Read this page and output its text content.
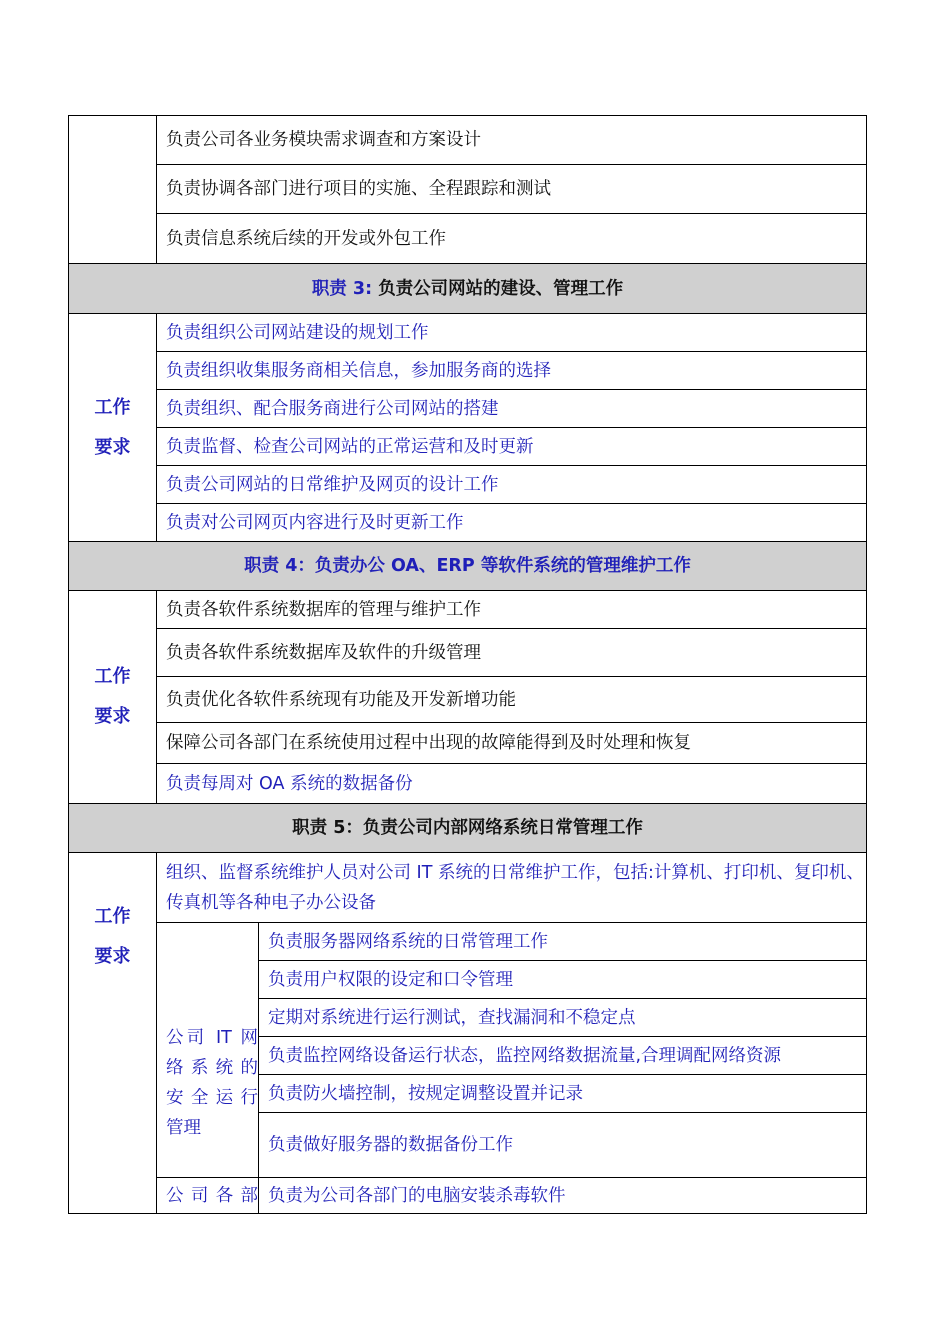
	负责公司各业务模块需求调查和方案设计	
	负责协调各部门进行项目的实施、全程跟踪和测试	
	负责信息系统后续的开发或外包工作	
职责 3: 负责公司网站的建设、管理工作		

工作
要求	负责组织公司网站建设的规划工作	
	负责组织收集服务商相关信息，参加服务商的选择	
	负责组织、配合服务商进行公司网站的搭建	
	负责监督、检查公司网站的正常运营和及时更新	
	负责公司网站的日常维护及网页的设计工作	
	负责对公司网页内容进行及时更新工作	
职责 4：负责办公 OA、ERP 等软件系统的管理维护工作		

工作
要求	负责各软件系统数据库的管理与维护工作	
	负责各软件系统数据库及软件的升级管理	
	负责优化各软件系统现有功能及开发新增功能	
	保障公司各部门在系统使用过程中出现的故障能得到及时处理和恢复	
	负责每周对 OA 系统的数据备份	
职责 5：负责公司内部网络系统日常管理工作		

工作
要求	组织、监督系统维护人员对公司 IT 系统的日常维护工作，包括:计算机、打印机、复印机、传真机等各种电子办公设备	

	公司 IT 网
络系统的
安全运行
管理	负责服务器网络系统的日常管理工作
		负责用户权限的设定和口令管理
		定期对系统进行运行测试，查找漏洞和不稳定点
		负责监控网络设备运行状态，监控网络数据流量,合理调配网络资源
		负责防火墙控制，按规定调整设置并记录
		负责做好服务器的数据备份工作
	公司各部	负责为公司各部门的电脑安装杀毒软件
